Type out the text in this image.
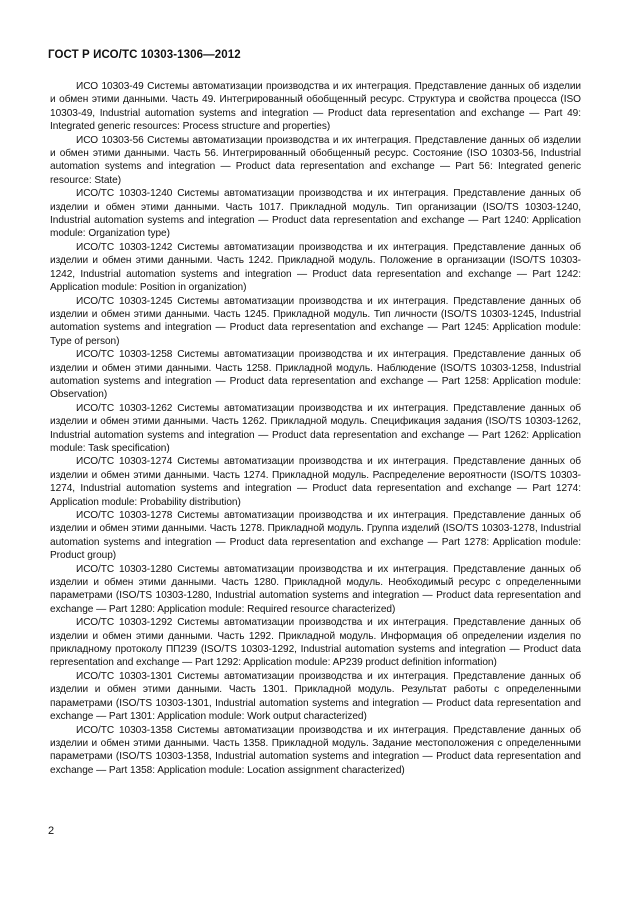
ГОСТ Р ИСО/ТС 10303-1306—2012

ИСО 10303-49 Системы автоматизации производства и их интеграция. Представление данных об изделии и обмен этими данными. Часть 49. Интегрированный обобщенный ресурс. Структура и свойства процесса (ISO 10303-49, Industrial automation systems and integration — Product data representation and exchange — Part 49: Integrated generic resources: Process structure and properties)

ИСО 10303-56 Системы автоматизации производства и их интеграция. Представление данных об изделии и обмен этими данными. Часть 56. Интегрированный обобщенный ресурс. Состояние (ISO 10303-56, Industrial automation systems and integration — Product data representation and exchange — Part 56: Integrated generic resource: State)

ИСО/ТС 10303-1240 Системы автоматизации производства и их интеграция. Представление данных об изделии и обмен этими данными. Часть 1017. Прикладной модуль. Тип организации (ISO/TS 10303-1240, Industrial automation systems and integration — Product data representation and exchange — Part 1240: Application module: Organization type)

ИСО/ТС 10303-1242 Системы автоматизации производства и их интеграция. Представление данных об изделии и обмен этими данными. Часть 1242. Прикладной модуль. Положение в организации (ISO/TS 10303-1242, Industrial automation systems and integration — Product data representation and exchange — Part 1242: Application module: Position in organization)

ИСО/ТС 10303-1245 Системы автоматизации производства и их интеграция. Представление данных об изделии и обмен этими данными. Часть 1245. Прикладной модуль. Тип личности (ISO/TS 10303-1245, Industrial automation systems and integration — Product data representation and exchange — Part 1245: Application module: Type of person)

ИСО/ТС 10303-1258 Системы автоматизации производства и их интеграция. Представление данных об изделии и обмен этими данными. Часть 1258. Прикладной модуль. Наблюдение (ISO/TS 10303-1258, Industrial automation systems and integration — Product data representation and exchange — Part 1258: Application module: Observation)

ИСО/ТС 10303-1262 Системы автоматизации производства и их интеграция. Представление данных об изделии и обмен этими данными. Часть 1262. Прикладной модуль. Спецификация задания (ISO/TS 10303-1262, Industrial automation systems and integration — Product data representation and exchange — Part 1262: Application module: Task specification)

ИСО/ТС 10303-1274 Системы автоматизации производства и их интеграция. Представление данных об изделии и обмен этими данными. Часть 1274. Прикладной модуль. Распределение вероятности (ISO/TS 10303-1274, Industrial automation systems and integration — Product data representation and exchange — Part 1274: Application module: Probability distribution)

ИСО/ТС 10303-1278 Системы автоматизации производства и их интеграция. Представление данных об изделии и обмен этими данными. Часть 1278. Прикладной модуль. Группа изделий (ISO/TS 10303-1278, Industrial automation systems and integration — Product data representation and exchange — Part 1278: Application module: Product group)

ИСО/ТС 10303-1280 Системы автоматизации производства и их интеграция. Представление данных об изделии и обмен этими данными. Часть 1280. Прикладной модуль. Необходимый ресурс с определенными параметрами (ISO/TS 10303-1280, Industrial automation systems and integration — Product data representation and exchange — Part 1280: Application module: Required resource characterized)

ИСО/ТС 10303-1292 Системы автоматизации производства и их интеграция. Представление данных об изделии и обмен этими данными. Часть 1292. Прикладной модуль. Информация об определении изделия по прикладному протоколу ПП239 (ISO/TS 10303-1292, Industrial automation systems and integration — Product data representation and exchange — Part 1292: Application module: AP239 product definition information)

ИСО/ТС 10303-1301 Системы автоматизации производства и их интеграция. Представление данных об изделии и обмен этими данными. Часть 1301. Прикладной модуль. Результат работы с определенными параметрами (ISO/TS 10303-1301, Industrial automation systems and integration — Product data representation and exchange — Part 1301: Application module: Work output characterized)

ИСО/ТС 10303-1358 Системы автоматизации производства и их интеграция. Представление данных об изделии и обмен этими данными. Часть 1358. Прикладной модуль. Задание местоположения с определенными параметрами (ISO/TS 10303-1358, Industrial automation systems and integration — Product data representation and exchange — Part 1358: Application module: Location assignment characterized)

2
